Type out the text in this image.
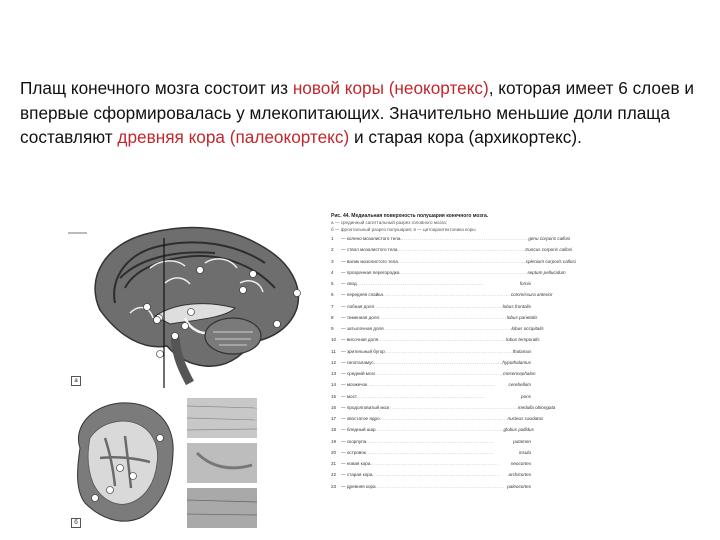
Плащ конечного мозга состоит из новой коры (неокортекс), которая имеет 6 слоев и впервые сформировалась у млекопитающих. Значительно меньшие доли плаща составляют древняя кора (палеокортекс) и старая кора (архикортекс).
а
б
Рис. 44. Медиальная поверхность полушария конечного мозга.
а — срединный сагиттальный разрез головного мозга;
б — фронтальный разрез полушария; в — цитоархитектоника коры
1	— колено мозолистого тела ........................................................................ genu corporis callosi
2	— ствол мозолистого тела ........................................................................ truncus corporis callosi
3	— валик мозолистого тела ........................................................................ splenium corporis callosi
4	— прозрачная перегородка ........................................................................ septum pellucidum
5	— свод ........................................................................	fornix
6	— передняя спайка ........................................................................ commissura anterior
7	— лобная доля ........................................................................ lobus frontalis
8	— теменная доля ........................................................................ lobus parietalis
9	— затылочная доля ........................................................................ lobus occipitalis
10	— височная доля ........................................................................ lobus temporalis
11	— зрительный бугор ........................................................................ thalamus
12	— гипоталамус ........................................................................ hypothalamus
13	— средний мозг ........................................................................ mesencephalon
14	— мозжечок ........................................................................	cerebellum
15	— мост ........................................................................	pons
16	— продолговатый мозг ........................................................................ medulla oblongata
17	— хвостатое ядро ........................................................................ nucleus caudatus
18	— бледный шар ........................................................................ globus pallidus
19	— скорлупа ........................................................................	putamen
20	— островок ........................................................................	insula
21	— новая кора ........................................................................	neocortex
22	— старая кора ........................................................................	archicortex
23	— древняя кора ........................................................................ paleocortex
